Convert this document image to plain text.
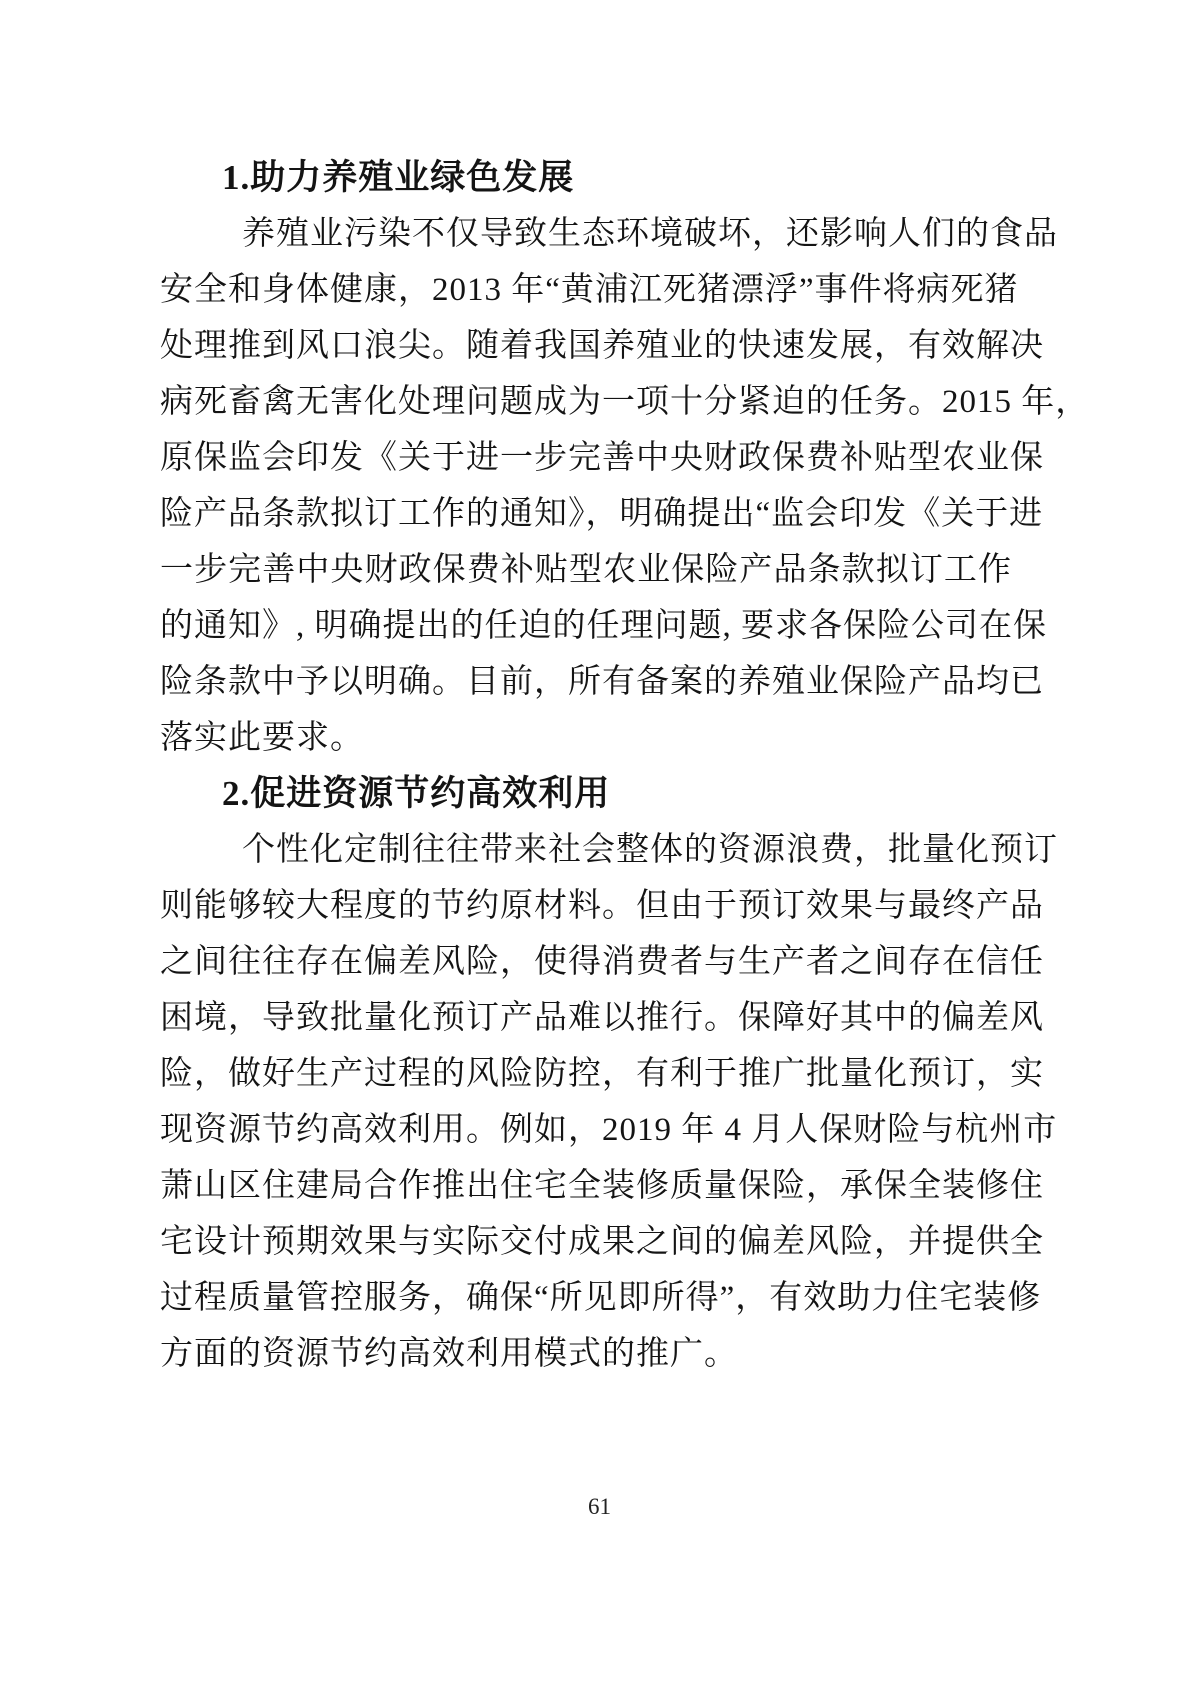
1.助力养殖业绿色发展
养殖业污染不仅导致生态环境破坏，还影响人们的食品
安全和身体健康，2013 年“黄浦江死猪漂浮”事件将病死猪
处理推到风口浪尖。随着我国养殖业的快速发展，有效解决
病死畜禽无害化处理问题成为一项十分紧迫的任务。2015 年，
原保监会印发《关于进一步完善中央财政保费补贴型农业保
险产品条款拟订工作的通知》，明确提出“监会印发《关于进
一步完善中央财政保费补贴型农业保险产品条款拟订工作
的通知》, 明确提出的任迫的任理问题, 要求各保险公司在保
险条款中予以明确。目前，所有备案的养殖业保险产品均已
落实此要求。
2.促进资源节约高效利用
个性化定制往往带来社会整体的资源浪费，批量化预订
则能够较大程度的节约原材料。但由于预订效果与最终产品
之间往往存在偏差风险，使得消费者与生产者之间存在信任
困境，导致批量化预订产品难以推行。保障好其中的偏差风
险，做好生产过程的风险防控，有利于推广批量化预订，实
现资源节约高效利用。例如，2019 年 4 月人保财险与杭州市
萧山区住建局合作推出住宅全装修质量保险，承保全装修住
宅设计预期效果与实际交付成果之间的偏差风险，并提供全
过程质量管控服务，确保“所见即所得”，有效助力住宅装修
方面的资源节约高效利用模式的推广。
61
